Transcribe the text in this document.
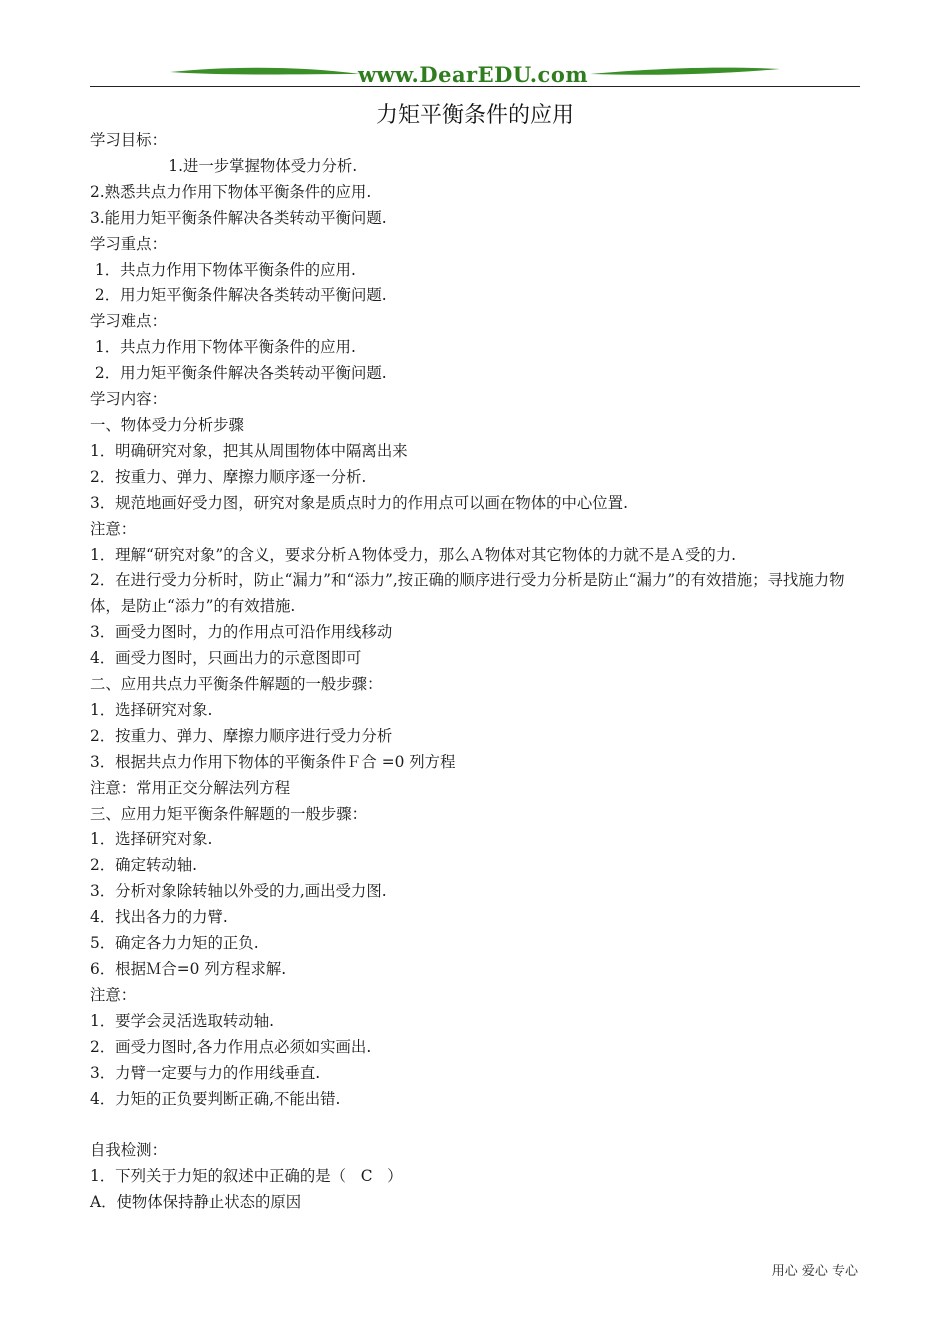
www.DearEDU.com
力矩平衡条件的应用
学习目标：
1.进一步掌握物体受力分析.
2.熟悉共点力作用下物体平衡条件的应用.
3.能用力矩平衡条件解决各类转动平衡问题.
学习重点：
1．共点力作用下物体平衡条件的应用.
2．用力矩平衡条件解决各类转动平衡问题.
学习难点：
1．共点力作用下物体平衡条件的应用.
2．用力矩平衡条件解决各类转动平衡问题.
学习内容：
一、物体受力分析步骤
1．明确研究对象，把其从周围物体中隔离出来
2．按重力、弹力、摩擦力顺序逐一分析.
3．规范地画好受力图，研究对象是质点时力的作用点可以画在物体的中心位置.
注意：
1．理解“研究对象”的含义，要求分析Ａ物体受力，那么Ａ物体对其它物体的力就不是Ａ受的力.
2．在进行受力分析时，防止“漏力”和“添力”,按正确的顺序进行受力分析是防止“漏力”的有效措施；寻找施力物体，是防止“添力”的有效措施.
3．画受力图时，力的作用点可沿作用线移动
4．画受力图时，只画出力的示意图即可
二、应用共点力平衡条件解题的一般步骤：
1．选择研究对象.
2．按重力、弹力、摩擦力顺序进行受力分析
3．根据共点力作用下物体的平衡条件Ｆ合 =0 列方程
注意：常用正交分解法列方程
三、应用力矩平衡条件解题的一般步骤：
1．选择研究对象.
2．确定转动轴.
3．分析对象除转轴以外受的力,画出受力图.
4．找出各力的力臂.
5．确定各力力矩的正负.
6．根据Ｍ合=0 列方程求解.
注意：
1．要学会灵活选取转动轴.
2．画受力图时,各力作用点必须如实画出.
3．力臂一定要与力的作用线垂直.
4．力矩的正负要判断正确,不能出错.
自我检测：
1．下列关于力矩的叙述中正确的是（   C   ）
A．使物体保持静止状态的原因
用心 爱心 专心
